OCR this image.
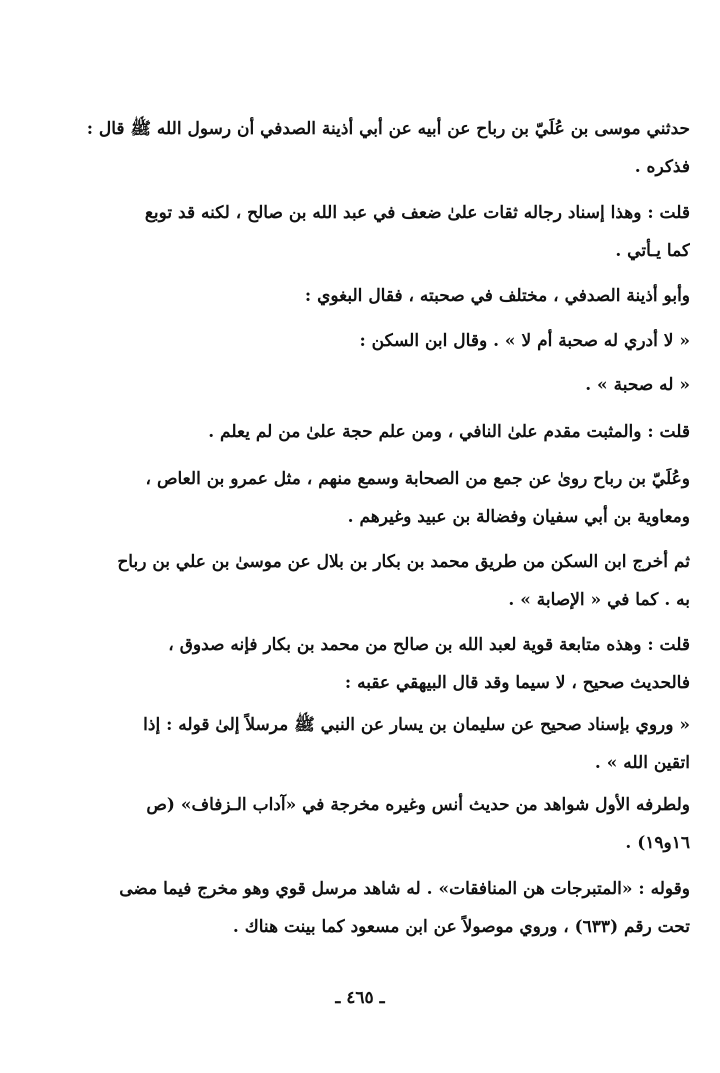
حدثني موسى بن عُلَيّ بن رباح عن أبيه عن أبي أذينة الصدفي أن رسول الله ﷺ قال :
فذكره .
قلت : وهذا إسناد رجاله ثقات علىٰ ضعف في عبد الله بن صالح ، لكنه قد توبع
كما يـأتي .
وأبو أذينة الصدفي ، مختلف في صحبته ، فقال البغوي :
« لا أدري له صحبة أم لا » . وقال ابن السكن :
« له صحبة » .
قلت : والمثبت مقدم علىٰ النافي ، ومن علم حجة علىٰ من لم يعلم .
وعُلَيّ بن رباح روىٰ عن جمع من الصحابة وسمع منهم ، مثل عمرو بن العاص ،
ومعاوية بن أبي سفيان وفضالة بن عبيد وغيرهم .
ثم أخرج ابن السكن من طريق محمد بن بكار بن بلال عن موسىٰ بن علي بن رباح
به . كما في « الإصابة » .
قلت : وهذه متابعة قوية لعبد الله بن صالح من محمد بن بكار فإنه صدوق ،
فالحديث صحيح ، لا سيما وقد قال البيهقي عقبه :
« وروي بإسناد صحيح عن سليمان بن يسار عن النبي ﷺ مرسلاً إلىٰ قوله : إذا
اتقين الله » .
ولطرفه الأول شواهد من حديث أنس وغيره مخرجة في «آداب الـزفاف» (ص
١٦و١٩) .
وقوله : «المتبرجات هن المنافقات» . له شاهد مرسل قوي وهو مخرج فيما مضى
تحت رقم (٦٣٣) ، وروي موصولاً عن ابن مسعود كما بينت هناك .
ـ ٤٦٥ ـ
